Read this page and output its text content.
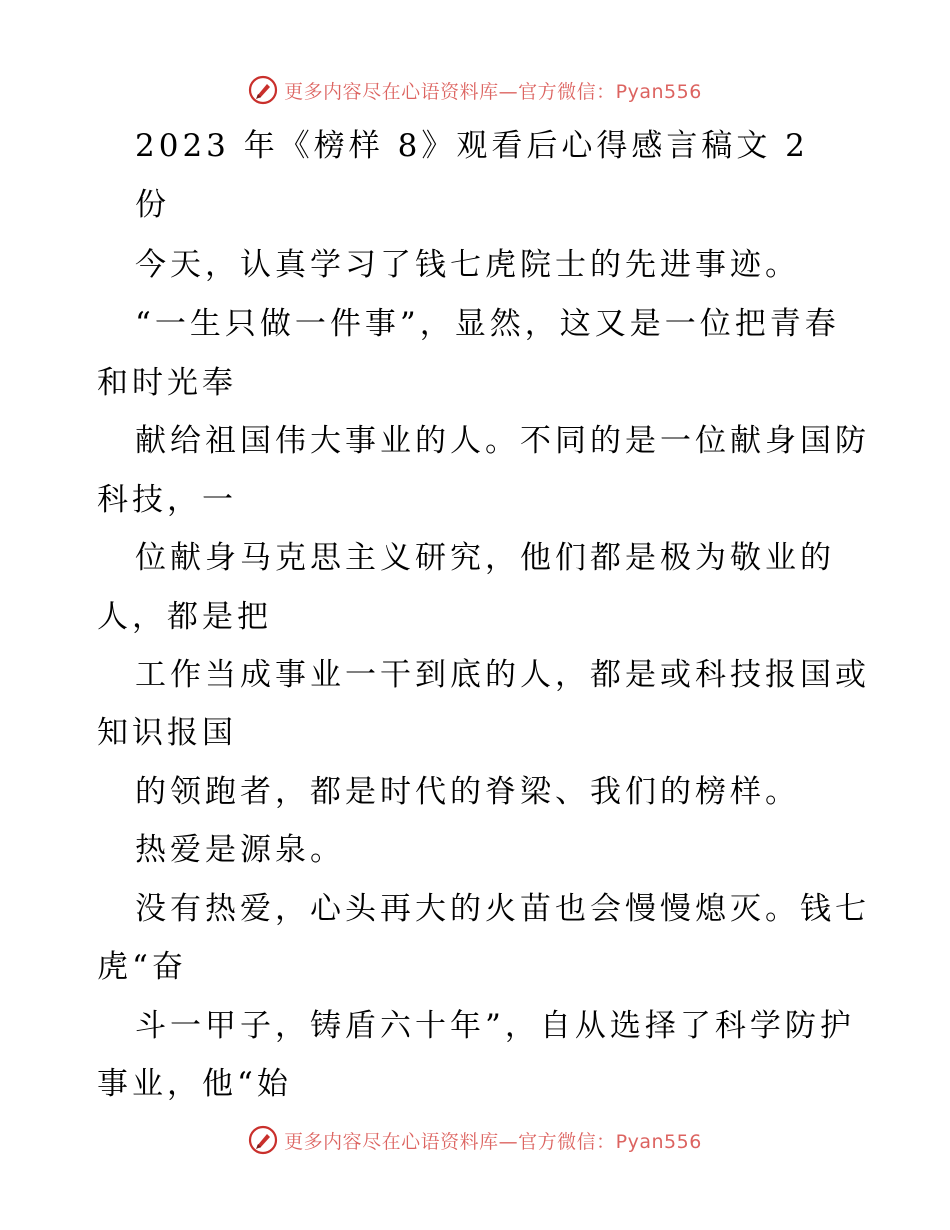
更多内容尽在心语资料库—官方微信：Pyan556
2023 年《榜样 8》观看后心得感言稿文 2
份
今天，认真学习了钱七虎院士的先进事迹。
“一生只做一件事”，显然，这又是一位把青春
和时光奉
献给祖国伟大事业的人。不同的是一位献身国防
科技，一
位献身马克思主义研究，他们都是极为敬业的
人，都是把
工作当成事业一干到底的人，都是或科技报国或
知识报国
的领跑者，都是时代的脊梁、我们的榜样。
热爱是源泉。
没有热爱，心头再大的火苗也会慢慢熄灭。钱七
虎“奋
斗一甲子，铸盾六十年”，自从选择了科学防护
事业，他“始
更多内容尽在心语资料库—官方微信：Pyan556
